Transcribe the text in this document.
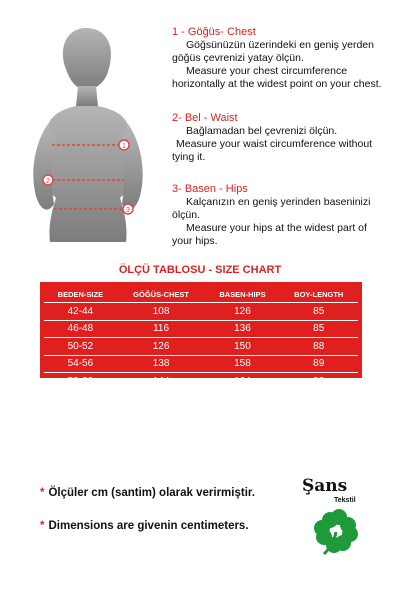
1
2
3
1 - Göğüs- Chest
Göğsünüzün üzerindeki en geniş yerden
göğüs çevrenizi yatay ölçün.
Measure your chest circumference
horizontally at the widest point on your chest.
2- Bel - Waist
Bağlamadan bel çevrenizi ölçün.
Measure your waist circumference without
tying it.
3- Basen - Hips
Kalçanızın en geniş yerinden baseninizi
ölçün.
Measure your hips at the widest part of
your hips.
ÖLÇÜ TABLOSU - SIZE CHART
BEDEN-SIZE	GÖĞÜS-CHEST	BASEN-HIPS	BOY-LENGTH
42-44	108	126	85
46-48	116	136	85
50-52	126	150	88
54-56	138	158	89
58-60	144	164	92
* Ölçüler cm (santim) olarak verirmiştir.
* Dimensions are givenin centimeters.
Şans
Tekstil
